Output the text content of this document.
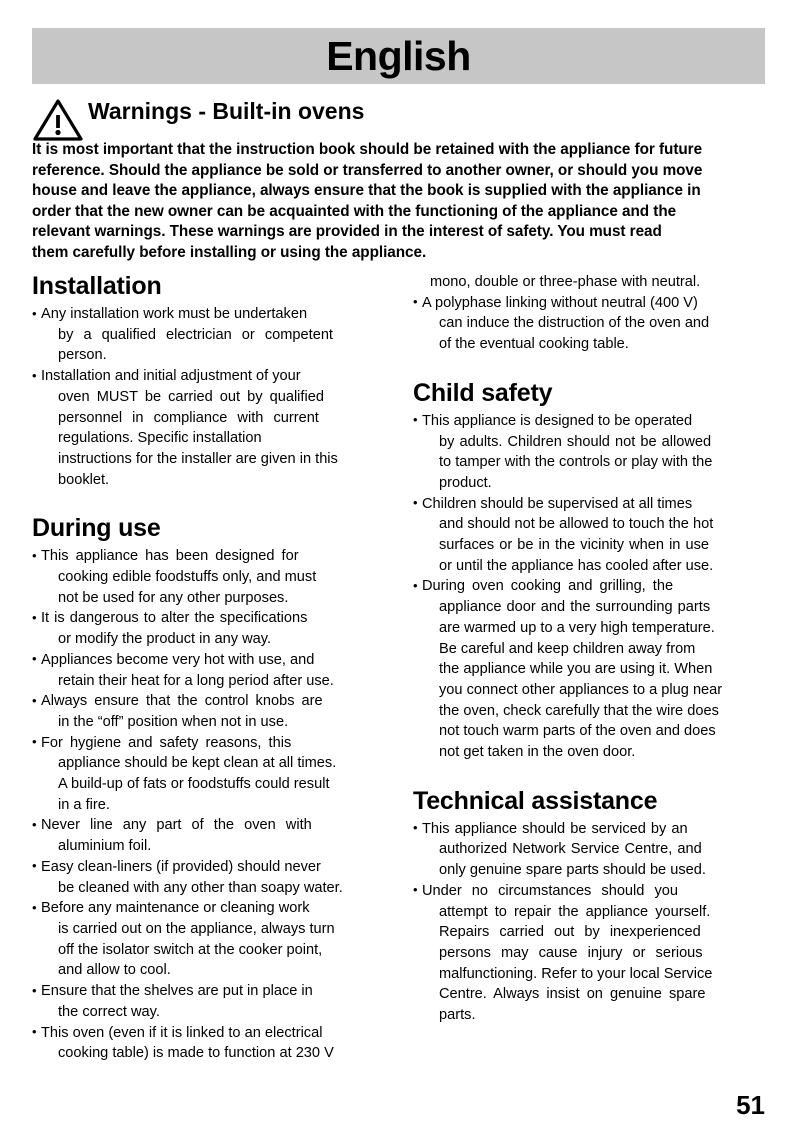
English
Warnings - Built-in ovens
It is most important that the instruction book should be retained with the appliance for future
reference. Should the appliance be sold or transferred to another owner, or should you move
house and leave the appliance, always ensure that the book is supplied with the appliance in
order that the new owner can be acquainted with the functioning of the appliance and the
relevant warnings. These warnings are provided in the interest of safety. You must read
them carefully before installing or using the appliance.
Installation
• Any installation work must be undertaken
by a qualified electrician or competent
person.
• Installation and initial adjustment of your
oven MUST be carried out by qualified
personnel in compliance with current
regulations. Specific installation
instructions for the installer are given in this
booklet.
During use
• This appliance has been designed for
cooking edible foodstuffs only, and must
not be used for any other purposes.
• It is dangerous to alter the specifications
or modify the product in any way.
• Appliances become very hot with use, and
retain their heat for a long period after use.
• Always ensure that the control knobs are
in the “off” position when not in use.
• For hygiene and safety reasons, this
appliance should be kept clean at all times.
A build-up of fats or foodstuffs could result
in a fire.
• Never line any part of the oven with
aluminium foil.
• Easy clean-liners (if provided) should never
be cleaned with any other than soapy water.
• Before any maintenance or cleaning work
is carried out on the appliance, always turn
off the isolator switch at the cooker point,
and allow to cool.
• Ensure that the shelves are put in place in
the correct way.
• This oven (even if it is linked to an electrical
cooking table) is made to function at 230 V
mono, double or three-phase with neutral.
• A polyphase linking without neutral (400 V)
can induce the distruction of the oven and
of the eventual cooking table.
Child safety
• This appliance is designed to be operated
by adults. Children should not be allowed
to tamper with the controls or play with the
product.
• Children should be supervised at all times
and should not be allowed to touch the hot
surfaces or be in the vicinity when in use
or until the appliance has cooled after use.
• During oven cooking and grilling, the
appliance door and the surrounding parts
are warmed up to a very high temperature.
Be careful and keep children away from
the appliance while you are using it. When
you connect other appliances to a plug near
the oven, check carefully that the wire does
not touch warm parts of the oven and does
not get taken in the oven door.
Technical assistance
• This appliance should be serviced by an
authorized Network Service Centre, and
only genuine spare parts should be used.
• Under no circumstances should you
attempt to repair the appliance yourself.
Repairs carried out by inexperienced
persons may cause injury or serious
malfunctioning. Refer to your local Service
Centre. Always insist on genuine spare
parts.
51
